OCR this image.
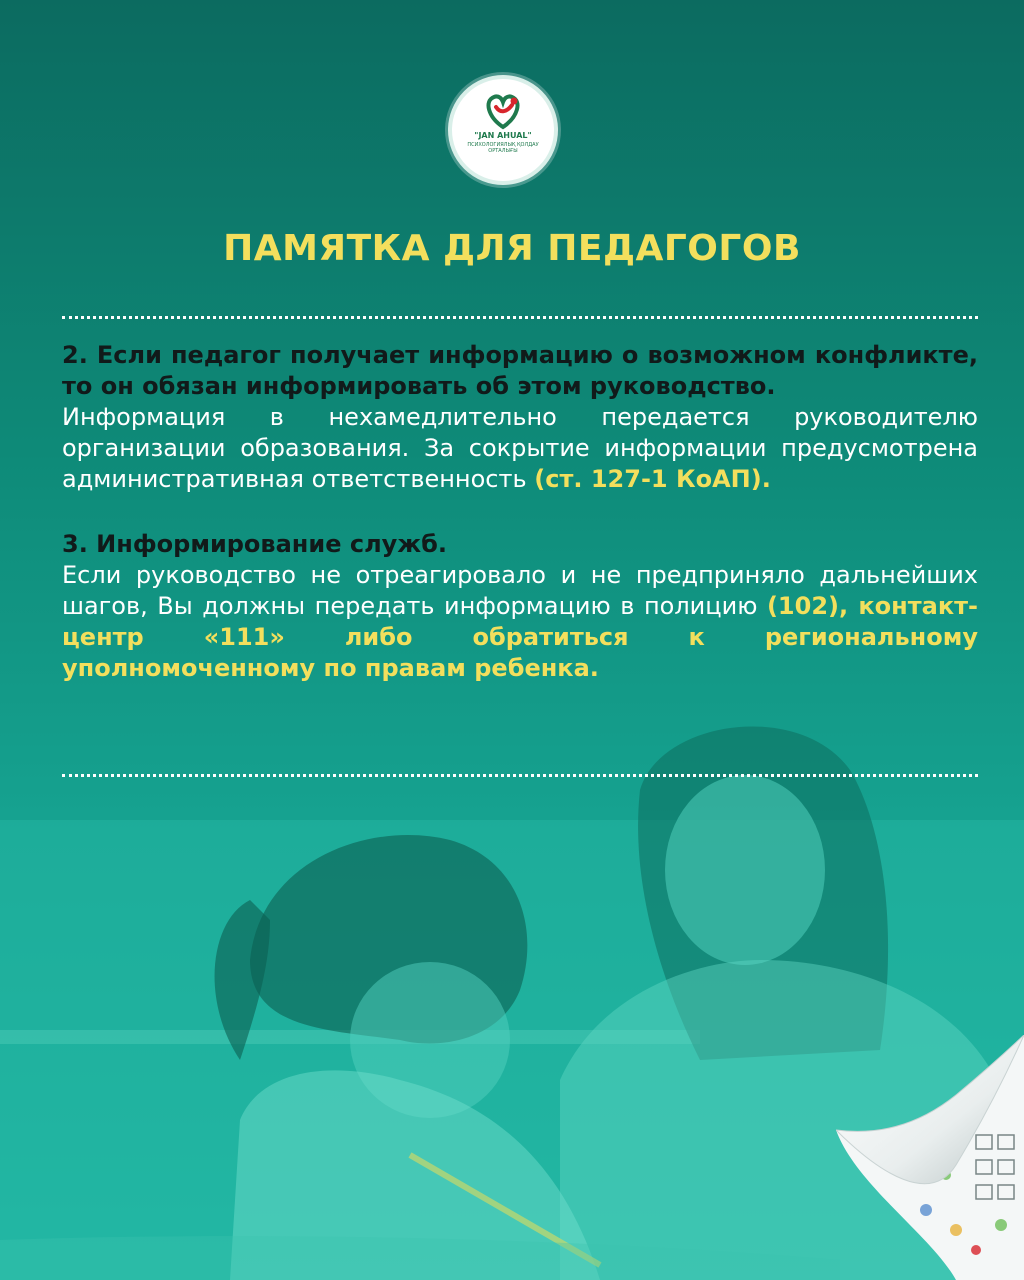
"JAN AHUAL"
ПСИХОЛОГИЯЛЫҚ ҚОЛДАУ ОРТАЛЫҒЫ
ПАМЯТКА ДЛЯ ПЕДАГОГОВ

2. Если педагог получает информацию о возможном конфликте, то он обязан информировать об этом руководство.

Информация в нехамедлительно передается руководителю организации образования. За сокрытие информации предусмотрена административная ответственность (ст. 127-1 КоАП).

3. Информирование служб.

Если руководство не отреагировало и не предприняло дальнейших шагов, Вы должны передать информацию в полицию (102), контакт-центр «111» либо обратиться к региональному уполномоченному по правам ребенка.
